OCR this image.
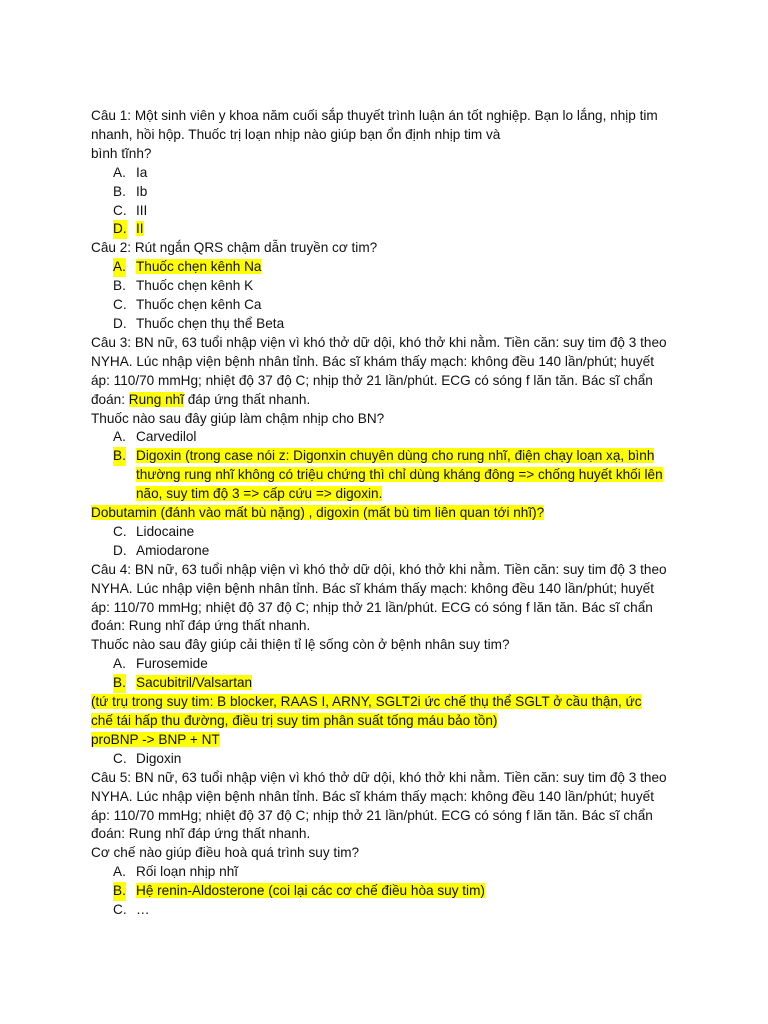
Câu 1: Một sinh viên y khoa năm cuối sắp thuyết trình luận án tốt nghiệp. Bạn lo lắng, nhịp tim
nhanh, hồi hộp. Thuốc trị loạn nhịp nào giúp bạn ổn định nhịp tim và
bình tĩnh?
A. Ia
B. Ib
C. III
D. II
Câu 2: Rút ngắn QRS chậm dẫn truyền cơ tim?
A. Thuốc chẹn kênh Na
B. Thuốc chẹn kênh K
C. Thuốc chẹn kênh Ca
D. Thuốc chẹn thụ thể Beta
Câu 3: BN nữ, 63 tuổi nhập viện vì khó thở dữ dội, khó thở khi nằm. Tiền căn: suy tim độ 3 theo
NYHA. Lúc nhập viện bệnh nhân tỉnh. Bác sĩ khám thấy mạch: không đều 140 lần/phút; huyết
áp: 110/70 mmHg; nhiệt độ 37 độ C; nhịp thở 21 lần/phút. ECG có sóng f lăn tăn. Bác sĩ chẩn
đoán: Rung nhĩ đáp ứng thất nhanh.
Thuốc nào sau đây giúp làm chậm nhịp cho BN?
A. Carvedilol
B. Digoxin (trong case nói z: Digonxin chuyên dùng cho rung nhĩ, điện chạy loạn xạ, bình thường rung nhĩ không có triệu chứng thì chỉ dùng kháng đông => chống huyết khối lên não, suy tim độ 3 => cấp cứu => digoxin.
Dobutamin (đánh vào mất bù nặng) , digoxin (mất bù tim liên quan tới nhĩ)?
C. Lidocaine
D. Amiodarone
Câu 4: BN nữ, 63 tuổi nhập viện vì khó thở dữ dội, khó thở khi nằm. Tiền căn: suy tim độ 3 theo
NYHA. Lúc nhập viện bệnh nhân tỉnh. Bác sĩ khám thấy mạch: không đều 140 lần/phút; huyết
áp: 110/70 mmHg; nhiệt độ 37 độ C; nhịp thở 21 lần/phút. ECG có sóng f lăn tăn. Bác sĩ chẩn
đoán: Rung nhĩ đáp ứng thất nhanh.
Thuốc nào sau đây giúp cải thiện tỉ lệ sống còn ở bệnh nhân suy tim?
A. Furosemide
B. Sacubitril/Valsartan
(tứ trụ trong suy tim: B blocker, RAAS I, ARNY, SGLT2i ức chế thụ thể SGLT ở cầu thận, ức
chế tái hấp thu đường, điều trị suy tim phân suất tống máu bảo tồn)
proBNP -> BNP + NT
C. Digoxin
Câu 5: BN nữ, 63 tuổi nhập viện vì khó thở dữ dội, khó thở khi nằm. Tiền căn: suy tim độ 3 theo
NYHA. Lúc nhập viện bệnh nhân tỉnh. Bác sĩ khám thấy mạch: không đều 140 lần/phút; huyết
áp: 110/70 mmHg; nhiệt độ 37 độ C; nhịp thở 21 lần/phút. ECG có sóng f lăn tăn. Bác sĩ chẩn
đoán: Rung nhĩ đáp ứng thất nhanh.
Cơ chế nào giúp điều hoà quá trình suy tim?
A. Rối loạn nhịp nhĩ
B. Hệ renin-Aldosterone (coi lại các cơ chế điều hòa suy tim)
C. …
